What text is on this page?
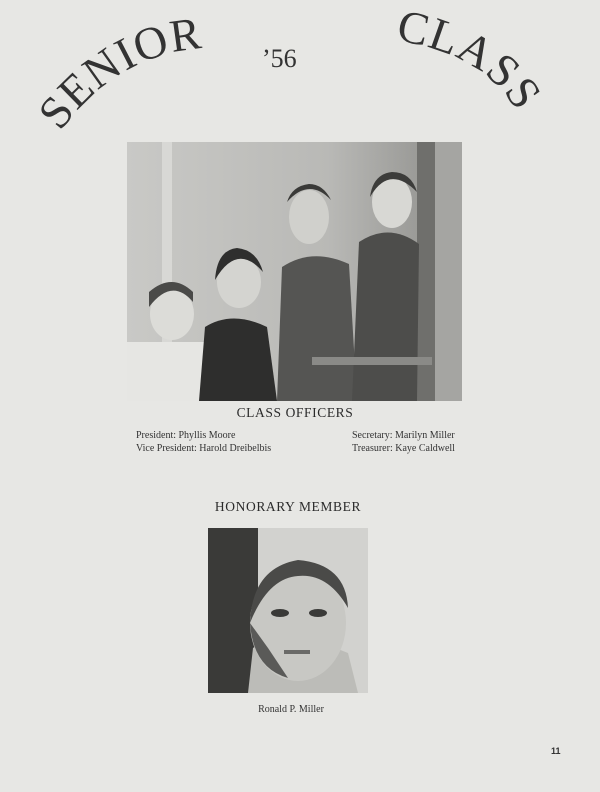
SENIOR	CLASS
’56
CLASS OFFICERS
President: Phyllis Moore
Vice President: Harold Dreibelbis
Secretary: Marilyn Miller
Treasurer: Kaye Caldwell
HONORARY MEMBER
Ronald P. Miller
11
